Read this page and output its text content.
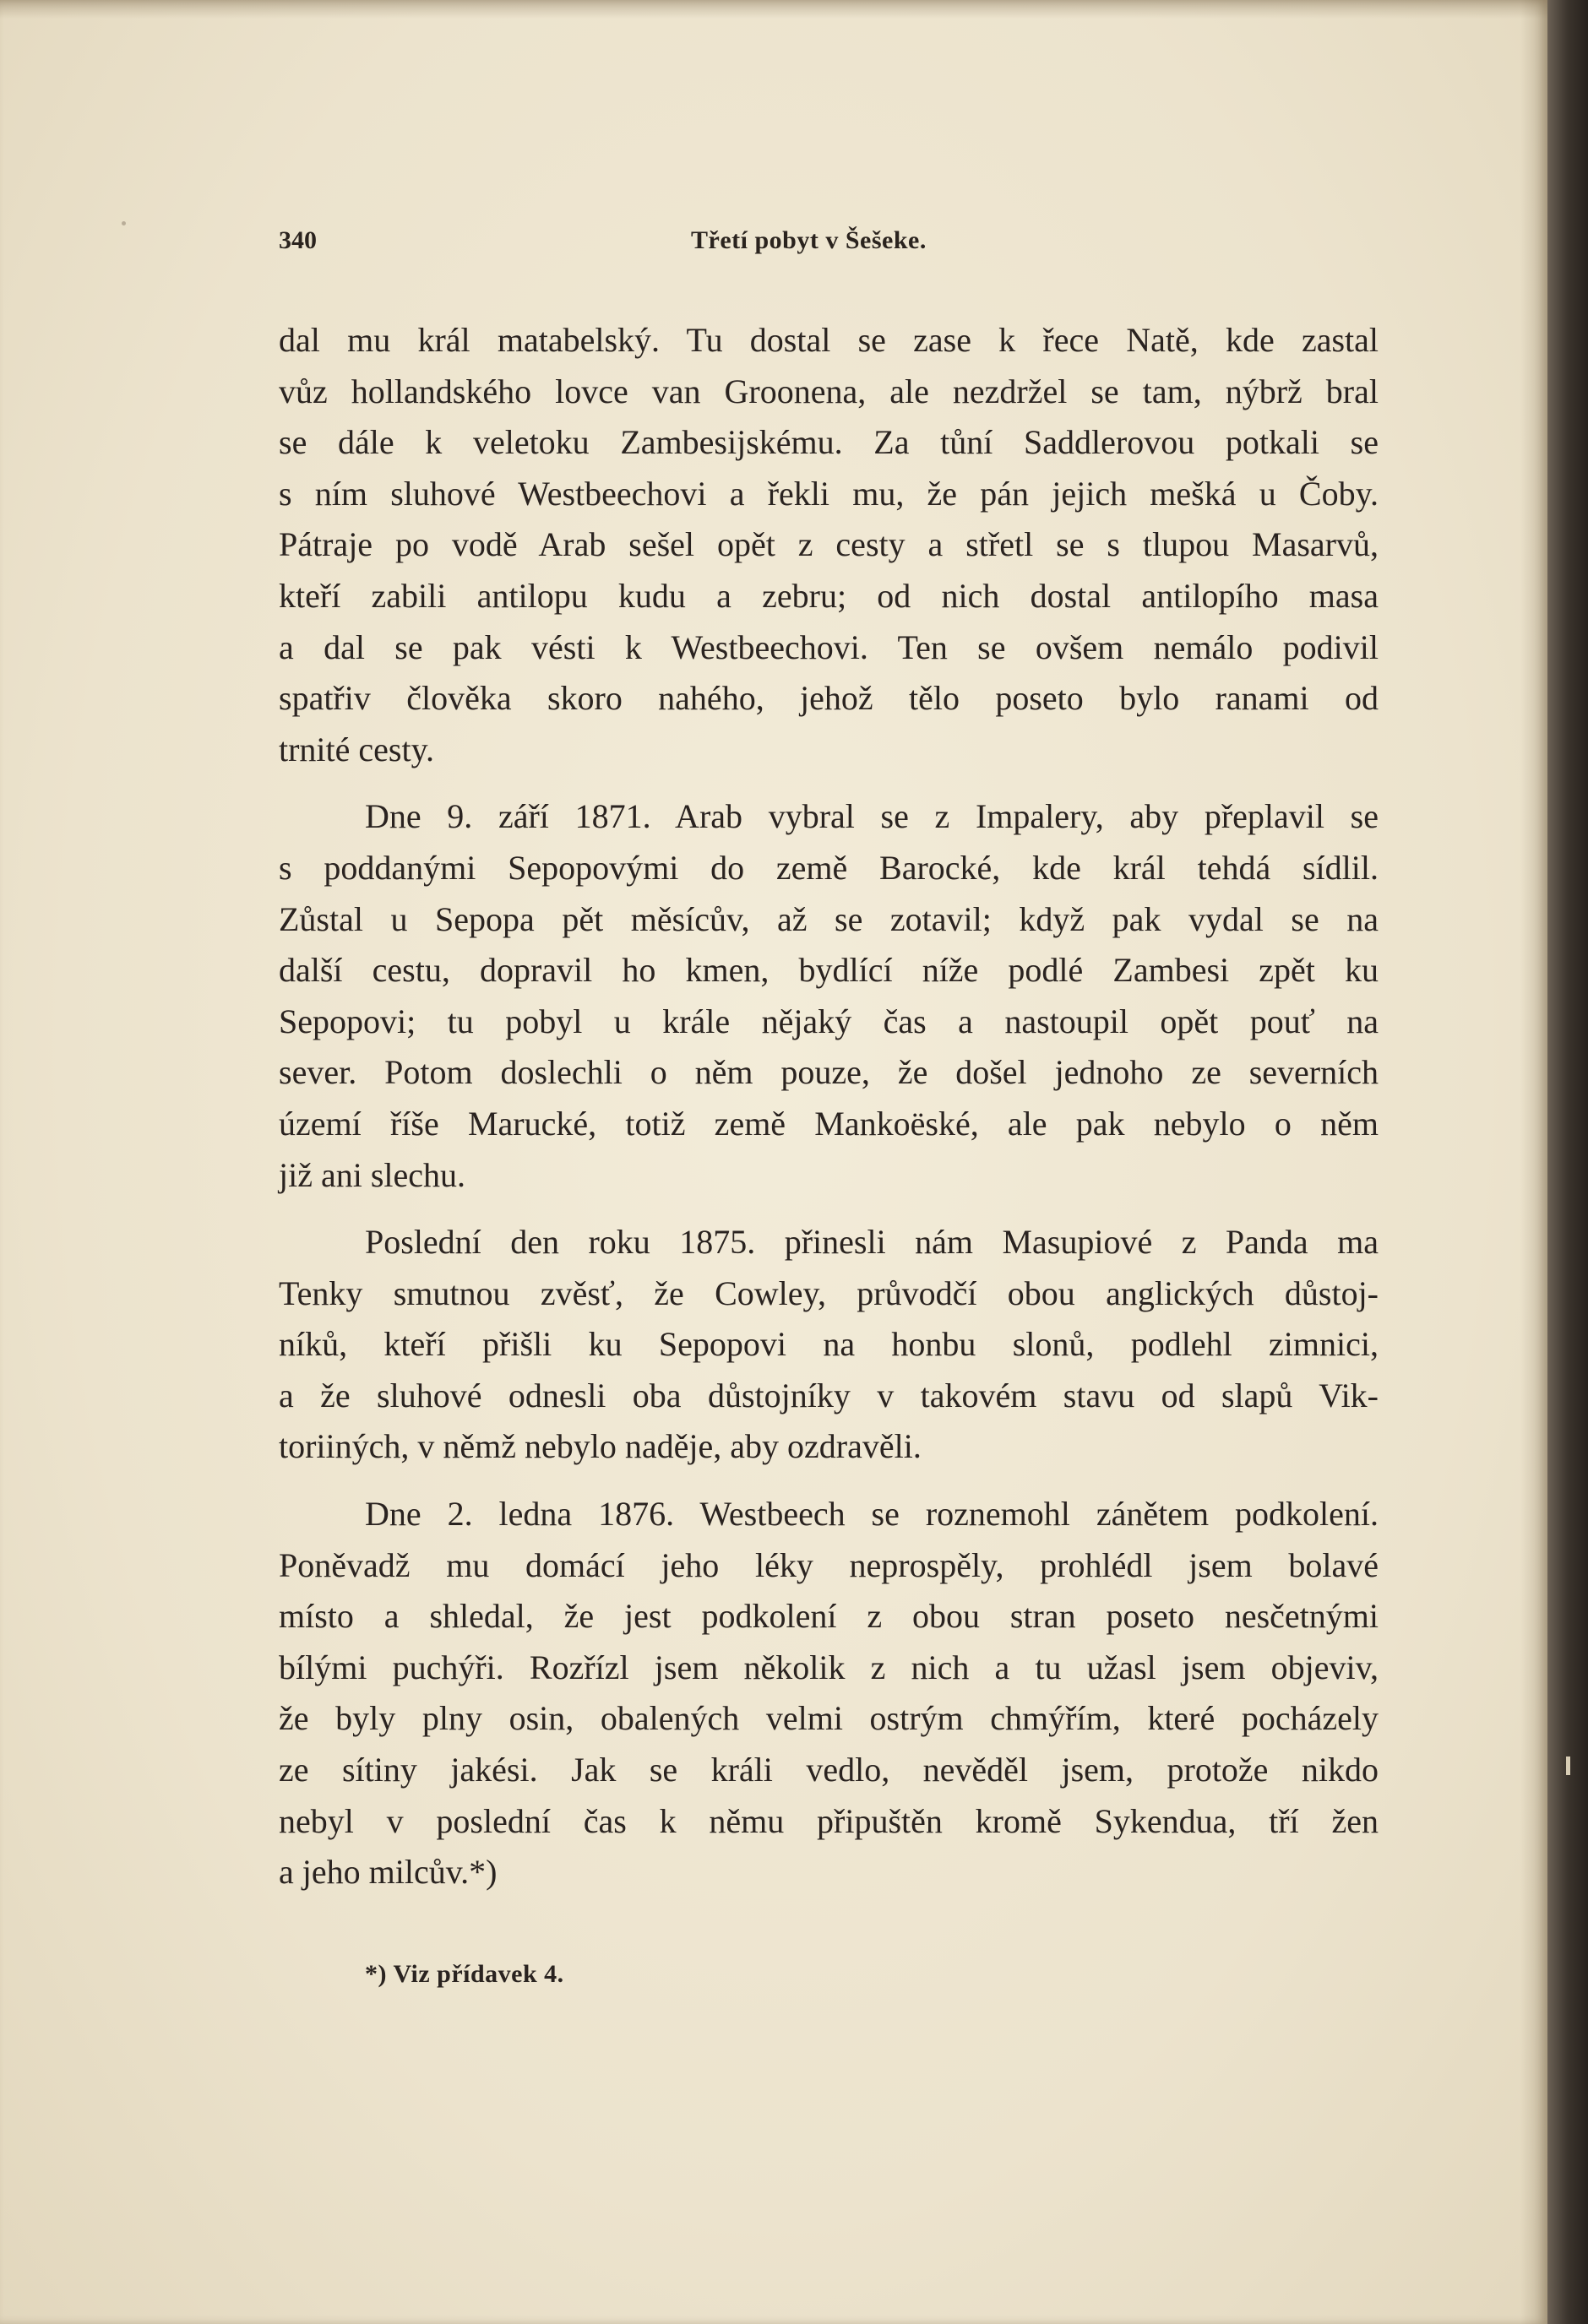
340	Třetí pobyt v Šešeke.
dal mu král matabelský. Tu dostal se zase k řece Natě, kde zastal
vůz hollandského lovce van Groonena, ale nezdržel se tam, nýbrž bral
se dále k veletoku Zambesijskému. Za tůní Saddlerovou potkali se
s ním sluhové Westbeechovi a řekli mu, že pán jejich mešká u Čoby.
Pátraje po vodě Arab sešel opět z cesty a střetl se s tlupou Masarvů,
kteří zabili antilopu kudu a zebru; od nich dostal antilopího masa
a dal se pak vésti k Westbeechovi. Ten se ovšem nemálo podivil
spatřiv člověka skoro nahého, jehož tělo poseto bylo ranami od
trnité cesty.
Dne 9. září 1871. Arab vybral se z Impalery, aby přeplavil se
s poddanými Sepopovými do země Barocké, kde král tehdá sídlil.
Zůstal u Sepopa pět měsícův, až se zotavil; když pak vydal se na
další cestu, dopravil ho kmen, bydlící níže podlé Zambesi zpět ku
Sepopovi; tu pobyl u krále nějaký čas a nastoupil opět pouť na
sever. Potom doslechli o něm pouze, že došel jednoho ze severních
území říše Marucké, totiž země Mankoëské, ale pak nebylo o něm
již ani slechu.
Poslední den roku 1875. přinesli nám Masupiové z Panda ma
Tenky smutnou zvěsť, že Cowley, průvodčí obou anglických důstoj-
níků, kteří přišli ku Sepopovi na honbu slonů, podlehl zimnici,
a že sluhové odnesli oba důstojníky v takovém stavu od slapů Vik-
toriiných, v němž nebylo naděje, aby ozdravěli.
Dne 2. ledna 1876. Westbeech se roznemohl zánětem podkolení.
Poněvadž mu domácí jeho léky neprospěly, prohlédl jsem bolavé
místo a shledal, že jest podkolení z obou stran poseto nesčetnými
bílými puchýři. Rozřízl jsem několik z nich a tu užasl jsem objeviv,
že byly plny osin, obalených velmi ostrým chmýřím, které pocházely
ze sítiny jakési. Jak se králi vedlo, nevěděl jsem, protože nikdo
nebyl v poslední čas k němu připuštěn kromě Sykendua, tří žen
a jeho milcův.*)
*) Viz přídavek 4.
